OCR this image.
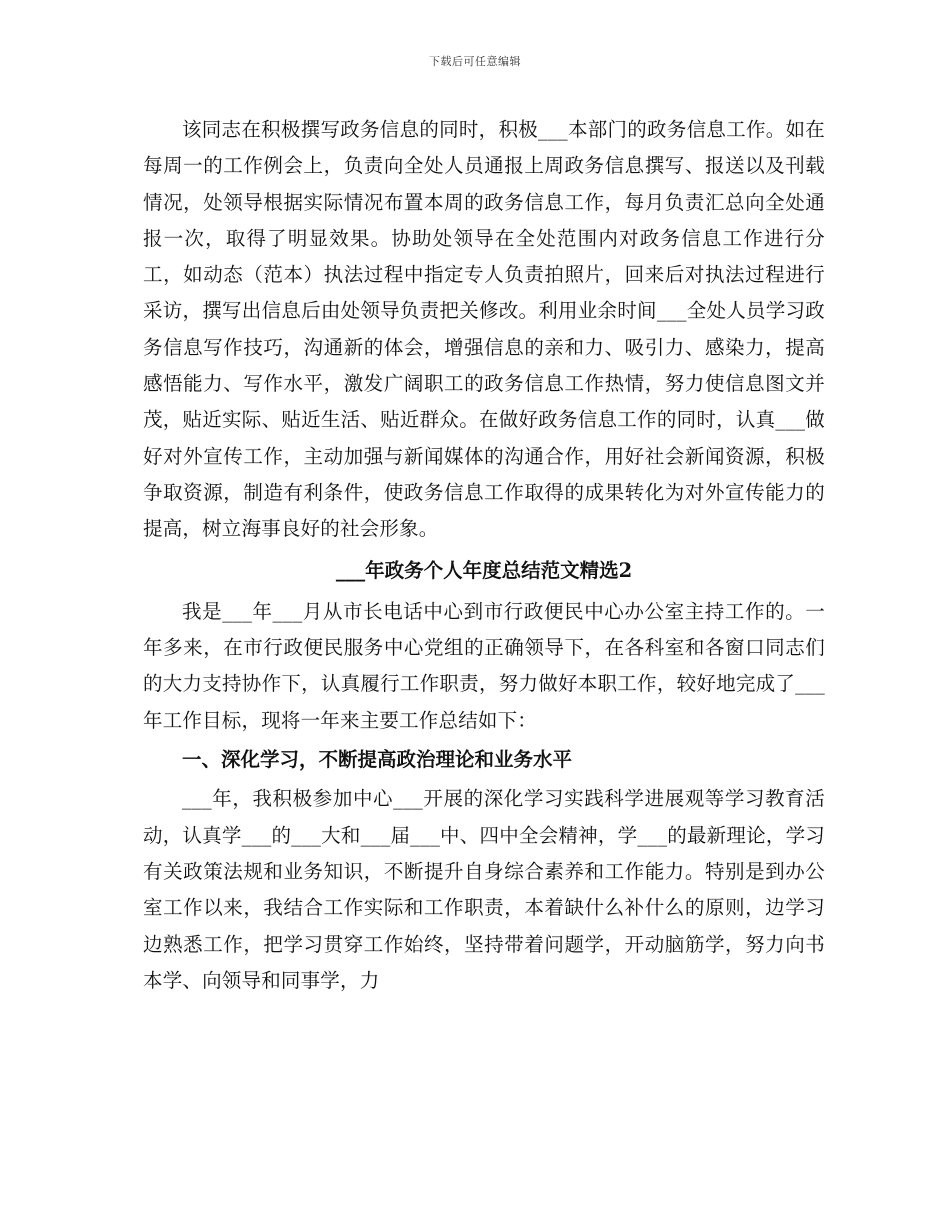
下载后可任意编辑

该同志在积极撰写政务信息的同时，积极___本部门的政务信息工作。如在每周一的工作例会上，负责向全处人员通报上周政务信息撰写、报送以及刊载情况，处领导根据实际情况布置本周的政务信息工作，每月负责汇总向全处通报一次，取得了明显效果。协助处领导在全处范围内对政务信息工作进行分工，如动态（范本）执法过程中指定专人负责拍照片，回来后对执法过程进行采访，撰写出信息后由处领导负责把关修改。利用业余时间___全处人员学习政务信息写作技巧，沟通新的体会，增强信息的亲和力、吸引力、感染力，提高感悟能力、写作水平，激发广阔职工的政务信息工作热情，努力使信息图文并茂，贴近实际、贴近生活、贴近群众。在做好政务信息工作的同时，认真___做好对外宣传工作，主动加强与新闻媒体的沟通合作，用好社会新闻资源，积极争取资源，制造有利条件，使政务信息工作取得的成果转化为对外宣传能力的提高，树立海事良好的社会形象。

___年政务个人年度总结范文精选2

我是___年___月从市长电话中心到市行政便民中心办公室主持工作的。一年多来，在市行政便民服务中心党组的正确领导下，在各科室和各窗口同志们的大力支持协作下，认真履行工作职责，努力做好本职工作，较好地完成了___年工作目标，现将一年来主要工作总结如下：

一、深化学习，不断提高政治理论和业务水平

___年，我积极参加中心___开展的深化学习实践科学进展观等学习教育活动，认真学___的___大和___届___中、四中全会精神，学___的最新理论，学习有关政策法规和业务知识，不断提升自身综合素养和工作能力。特别是到办公室工作以来，我结合工作实际和工作职责，本着缺什么补什么的原则，边学习边熟悉工作，把学习贯穿工作始终，坚持带着问题学，开动脑筋学，努力向书本学、向领导和同事学，力
